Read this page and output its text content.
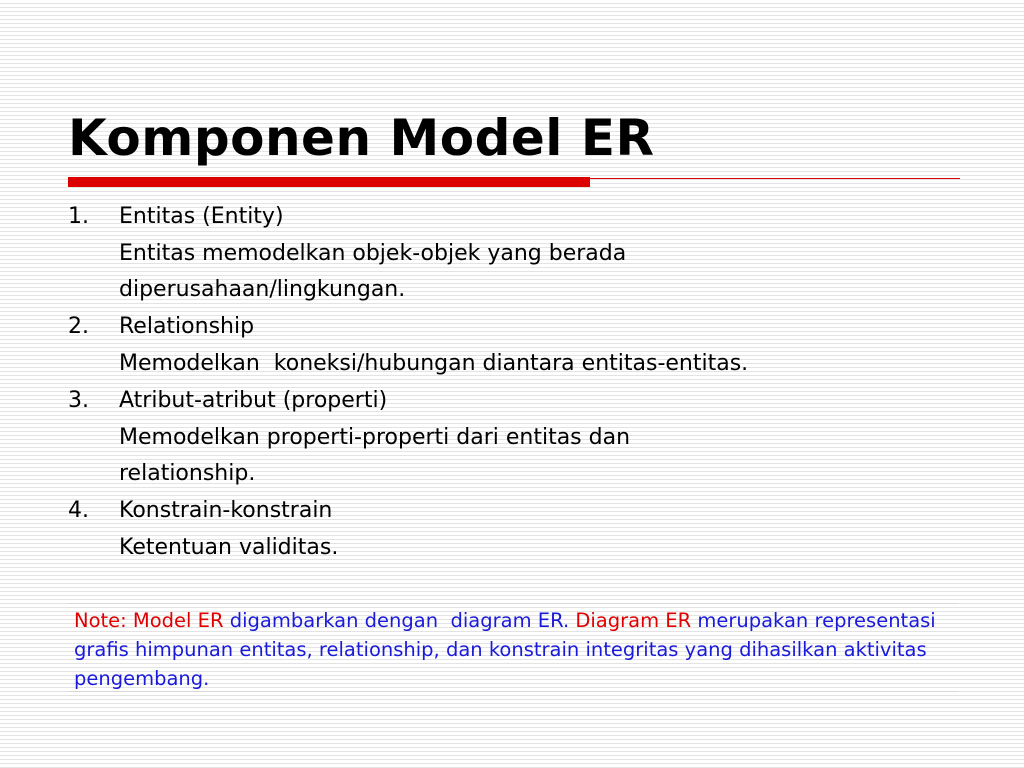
Komponen Model ER
1.	Entitas (Entity)
Entitas memodelkan objek-objek yang berada diperusahaan/lingkungan.
2.	Relationship
Memodelkan  koneksi/hubungan diantara entitas-entitas.
3.	Atribut-atribut (properti)
Memodelkan properti-properti dari entitas dan relationship.
4.	Konstrain-konstrain
Ketentuan validitas.
Note: Model ER digambarkan dengan  diagram ER. Diagram ER merupakan representasi grafis himpunan entitas, relationship, dan konstrain integritas yang dihasilkan aktivitas pengembang.
